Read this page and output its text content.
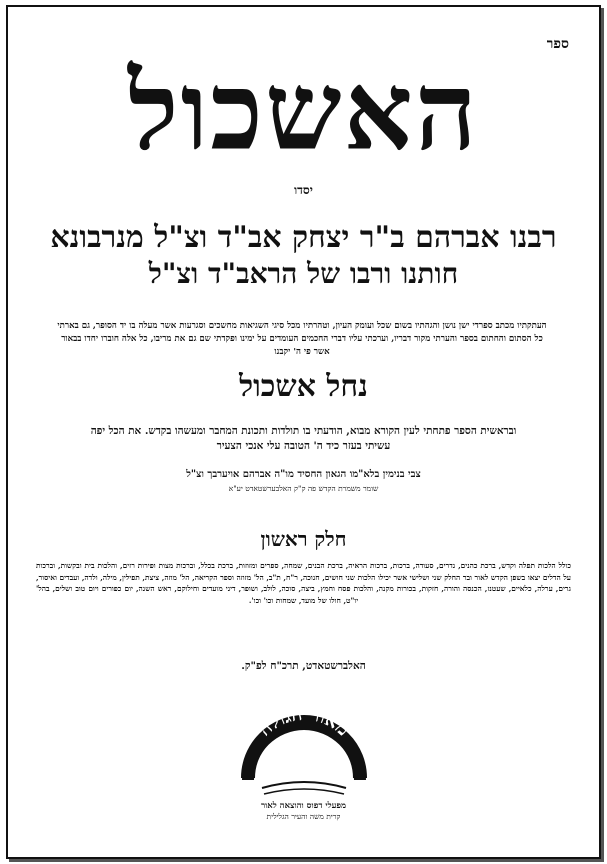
ספר
האשכול
יסדו
רבנו אברהם ב"ר יצחק אב"ד וצ"ל מנרבונא
חותנו ורבו של הראב"ד וצ"ל
העתקתיו מכתב ספרדי ישן נושן והגהתיו בשום שכל ועומק העיון, וטהרתיו מכל סיגי השגיאות מחשכים וסגרעות אשר מעלה בו יד הסופר, גם בארתי כל הסתום והחתום בספר והערתי מקור דבריו, וערכתי עליו דברי החכמים העומדים על ימינו ופקדתי שם גם את מריבו, כל אלה חוברו יחדו בבאור אשר פי ה' יקבנו
נחל אשכול
ובראשית הספר פתחתי לעין הקורא מבוא, הודעתי בו תולדות ותכונת המחבר ומעשהו בקדש. את הכל יפה עשיתי בעזר כיד ה' הטובה עלי אנכי הצעיר
צבי בנימין בלא"מו הגאון החסיד מו"ה אברהם אויערבך וצ"ל
שומר משמרת הקדש פה ק"ק האלבערשטאדט יע"א
חלק ראשון
כולל הלכות תפלה וקדש, ברכת כהנים, נדרים, סעודה, ברכות, ברכות הראיה, ברכת הבנים, שמחה, ספרים ומזוזות, ברכת בכלל, וברכות מצות ופירות רזים, והלכות בית ובקשות, וברכות על הדלים יצאו בשפן הקדש לאור ובר החלק שני ושלישי אשר יכילו הלכות שני חושים, חנוכה, ר"ח, ת"ב, הל' מזוזה וספר הקריאה, הל' מוזה, ציצת, תפילין, מילה, ולדה, ועבדים ואיסור, גרים, ערלה, כלאיים, שעטנז, הכנסה והורה, חזקות, בכורות מקנה, והלכות פסח וחמץ, ביצה, סוכה, לולב, ושופר, דיני מועדים וחילוקם, ראש השנה, יום כפורים ויום טוב ושלים, בהל' יו"ט, חולו של מועד, שמחות וכו' וכו'.
האלברשטאדט, תרכ"ח לפ"ק.
מאור הגולה
מפעלי דפוס והוצאה לאור
קרית משה והעיר הגלילית
